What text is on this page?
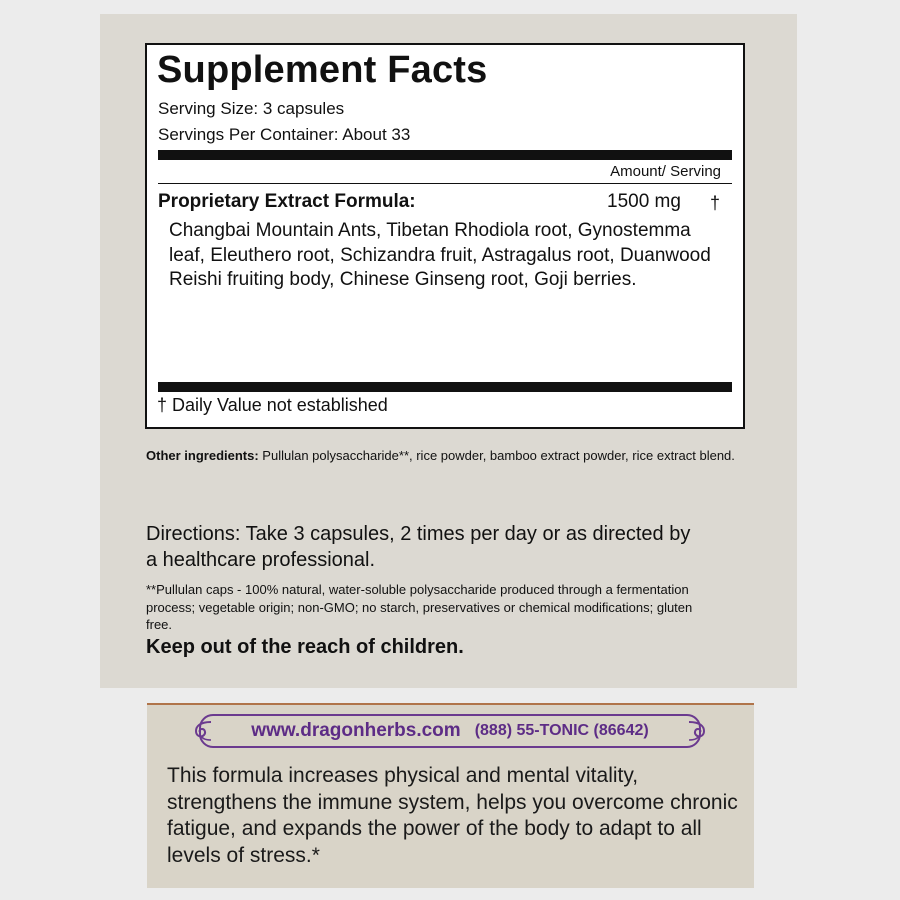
Supplement Facts
Serving Size: 3 capsules
Servings Per Container: About 33
Amount/ Serving
Proprietary Extract Formula:	1500 mg †
Changbai Mountain Ants, Tibetan Rhodiola root, Gynostemma leaf, Eleuthero root, Schizandra fruit, Astragalus root, Duanwood Reishi fruiting body, Chinese Ginseng root, Goji berries.
† Daily Value not established
Other ingredients: Pullulan polysaccharide**, rice powder, bamboo extract powder, rice extract blend.
Directions: Take 3 capsules, 2 times per day or as directed by a healthcare professional.
**Pullulan caps - 100% natural, water-soluble polysaccharide produced through a fermentation process; vegetable origin; non-GMO; no starch, preservatives or chemical modifications; gluten free.
Keep out of the reach of children.
www.dragonherbs.com (888) 55-TONIC (86642)
This formula increases physical and mental vitality, strengthens the immune system, helps you overcome chronic fatigue, and expands the power of the body to adapt to all levels of stress.*
